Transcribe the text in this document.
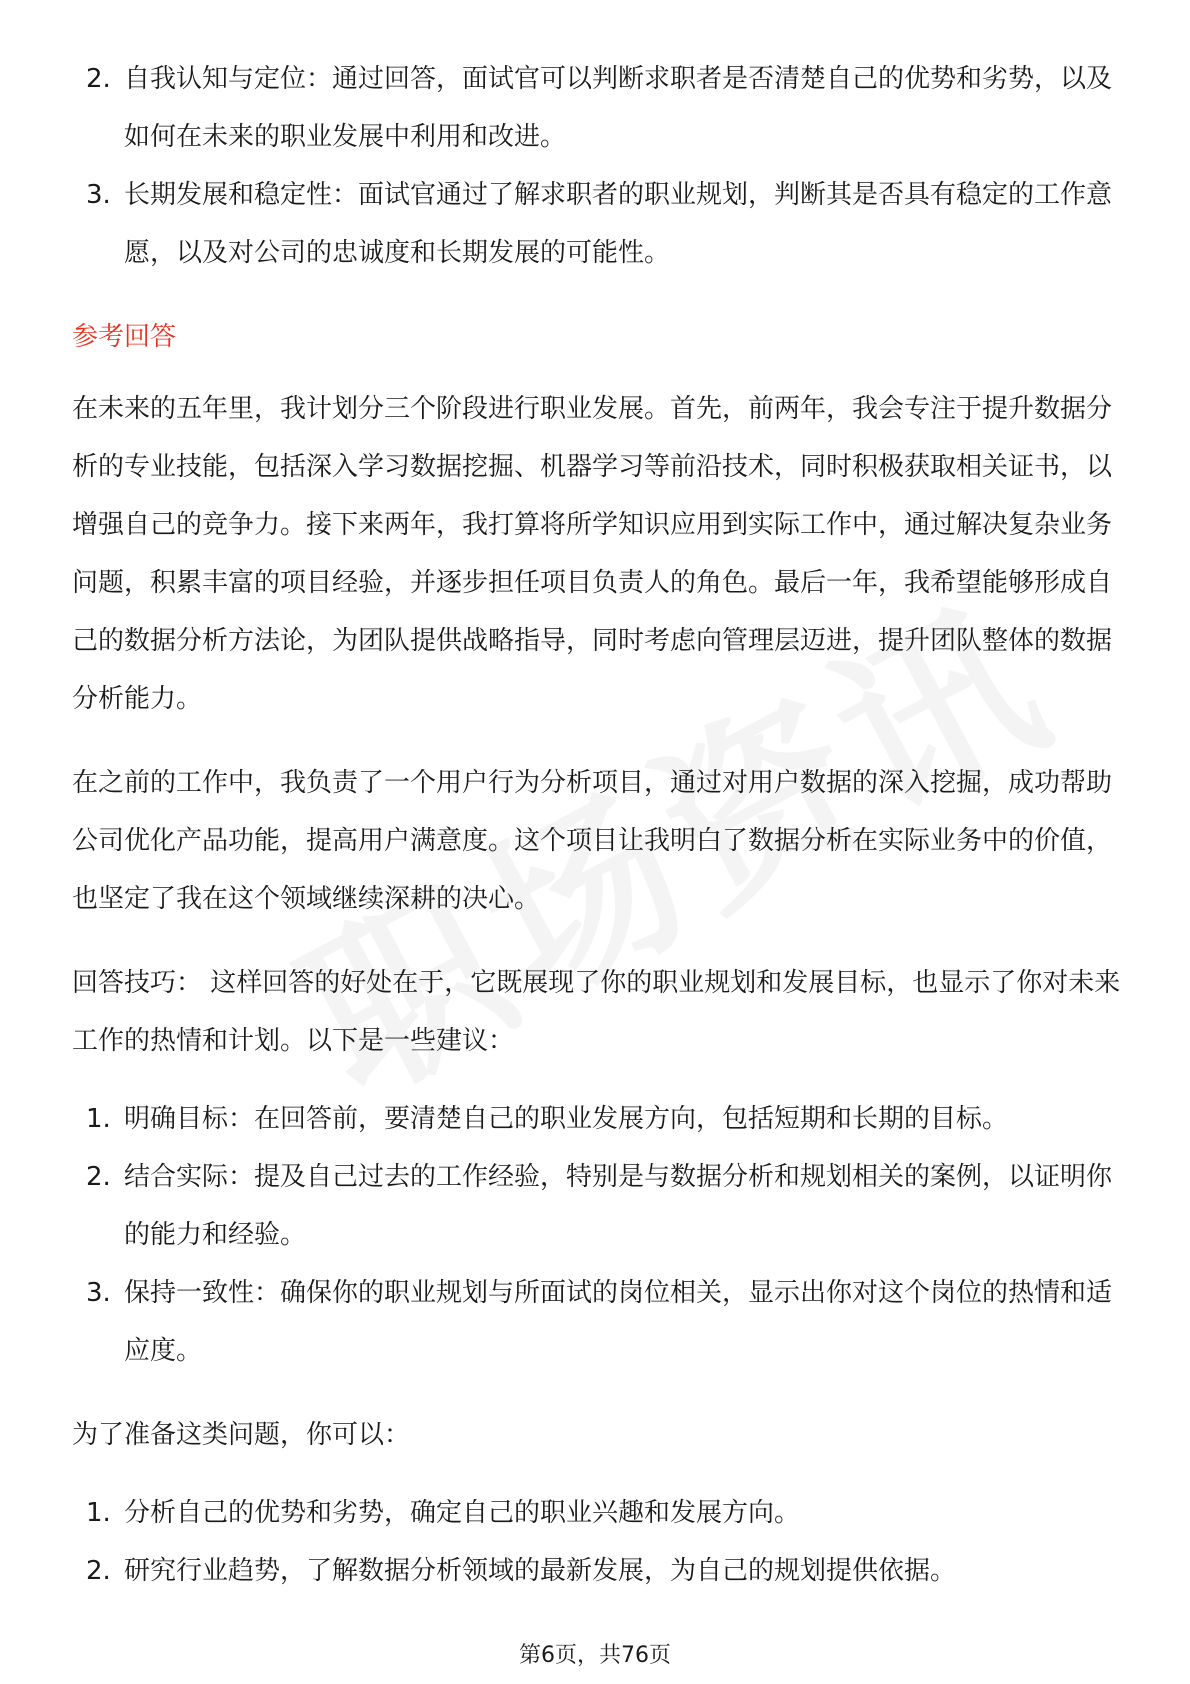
2. 自我认知与定位：通过回答，面试官可以判断求职者是否清楚自己的优势和劣势，以及如何在未来的职业发展中利用和改进。
3. 长期发展和稳定性：面试官通过了解求职者的职业规划，判断其是否具有稳定的工作意愿，以及对公司的忠诚度和长期发展的可能性。
参考回答

在未来的五年里，我计划分三个阶段进行职业发展。首先，前两年，我会专注于提升数据分析的专业技能，包括深入学习数据挖掘、机器学习等前沿技术，同时积极获取相关证书，以增强自己的竞争力。接下来两年，我打算将所学知识应用到实际工作中，通过解决复杂业务问题，积累丰富的项目经验，并逐步担任项目负责人的角色。最后一年，我希望能够形成自己的数据分析方法论，为团队提供战略指导，同时考虑向管理层迈进，提升团队整体的数据分析能力。

在之前的工作中，我负责了一个用户行为分析项目，通过对用户数据的深入挖掘，成功帮助公司优化产品功能，提高用户满意度。这个项目让我明白了数据分析在实际业务中的价值，也坚定了我在这个领域继续深耕的决心。

回答技巧： 这样回答的好处在于，它既展现了你的职业规划和发展目标，也显示了你对未来工作的热情和计划。以下是一些建议：

1. 明确目标：在回答前，要清楚自己的职业发展方向，包括短期和长期的目标。
2. 结合实际：提及自己过去的工作经验，特别是与数据分析和规划相关的案例，以证明你的能力和经验。
3. 保持一致性：确保你的职业规划与所面试的岗位相关，显示出你对这个岗位的热情和适应度。

为了准备这类问题，你可以：

1. 分析自己的优势和劣势，确定自己的职业兴趣和发展方向。
2. 研究行业趋势，了解数据分析领域的最新发展，为自己的规划提供依据。
第6页，共76页
